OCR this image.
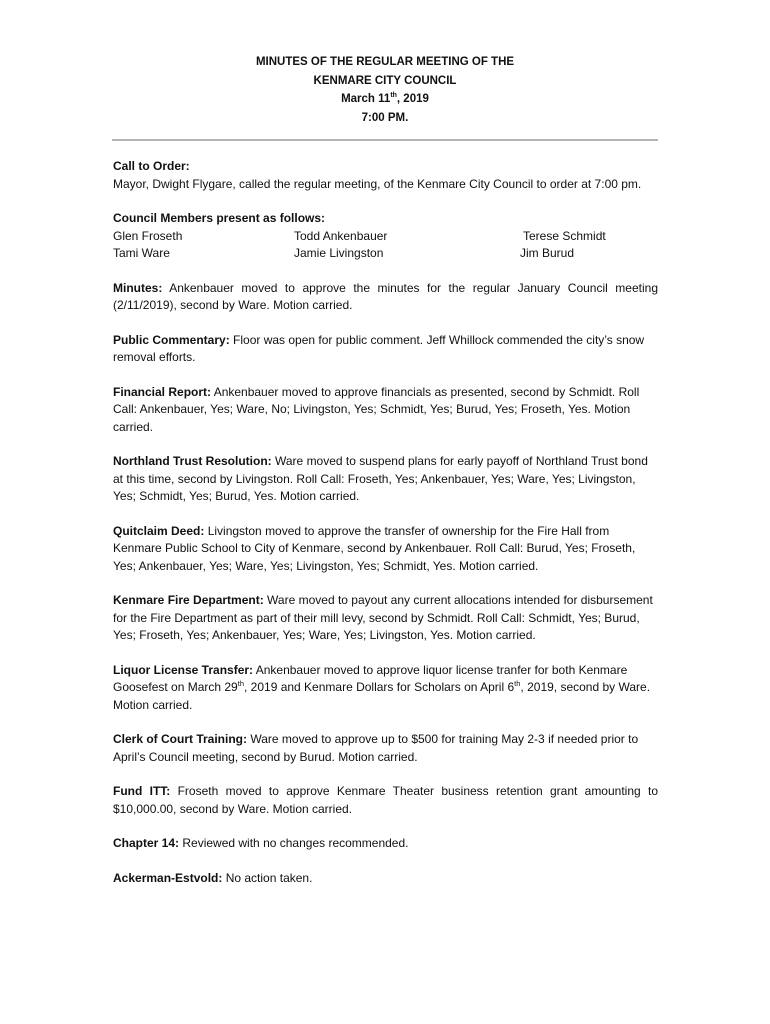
MINUTES OF THE REGULAR MEETING OF THE
KENMARE CITY COUNCIL
March 11th, 2019
7:00 PM.

Call to Order:

Mayor, Dwight Flygare, called the regular meeting, of the Kenmare City Council to order at 7:00 pm.

Council Members present as follows:

Glen Froseth	Todd Ankenbauer	Terese Schmidt
Tami Ware	Jamie Livingston	Jim Burud

Minutes: Ankenbauer moved to approve the minutes for the regular January Council meeting (2/11/2019), second by Ware. Motion carried.

Public Commentary: Floor was open for public comment. Jeff Whillock commended the city’s snow removal efforts.

Financial Report: Ankenbauer moved to approve financials as presented, second by Schmidt. Roll Call: Ankenbauer, Yes; Ware, No; Livingston, Yes; Schmidt, Yes; Burud, Yes; Froseth, Yes. Motion carried.

Northland Trust Resolution: Ware moved to suspend plans for early payoff of Northland Trust bond at this time, second by Livingston. Roll Call: Froseth, Yes; Ankenbauer, Yes; Ware, Yes; Livingston, Yes; Schmidt, Yes; Burud, Yes. Motion carried.

Quitclaim Deed: Livingston moved to approve the transfer of ownership for the Fire Hall from Kenmare Public School to City of Kenmare, second by Ankenbauer. Roll Call: Burud, Yes; Froseth, Yes; Ankenbauer, Yes; Ware, Yes; Livingston, Yes; Schmidt, Yes. Motion carried.

Kenmare Fire Department: Ware moved to payout any current allocations intended for disbursement for the Fire Department as part of their mill levy, second by Schmidt. Roll Call: Schmidt, Yes; Burud, Yes; Froseth, Yes; Ankenbauer, Yes; Ware, Yes; Livingston, Yes. Motion carried.

Liquor License Transfer: Ankenbauer moved to approve liquor license tranfer for both Kenmare Goosefest on March 29th, 2019 and Kenmare Dollars for Scholars on April 6th, 2019, second by Ware. Motion carried.

Clerk of Court Training: Ware moved to approve up to $500 for training May 2-3 if needed prior to April’s Council meeting, second by Burud. Motion carried.

Fund ITT: Froseth moved to approve Kenmare Theater business retention grant amounting to $10,000.00, second by Ware. Motion carried.

Chapter 14: Reviewed with no changes recommended.

Ackerman-Estvold: No action taken.
